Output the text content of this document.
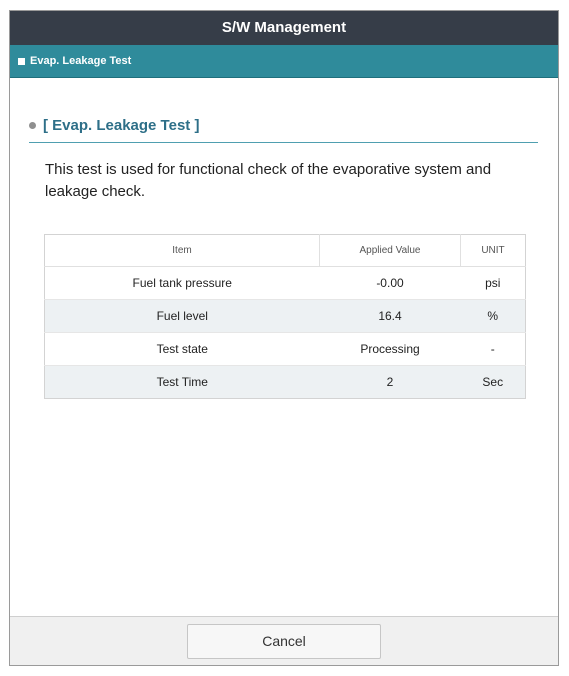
S/W Management
Evap. Leakage Test
[ Evap. Leakage Test ]
This test is used for functional check of the evaporative system and leakage check.
Item	Applied Value	UNIT
Fuel tank pressure	-0.00	psi
Fuel level	16.4	%
Test state	Processing	-
Test Time	2	Sec
Cancel
